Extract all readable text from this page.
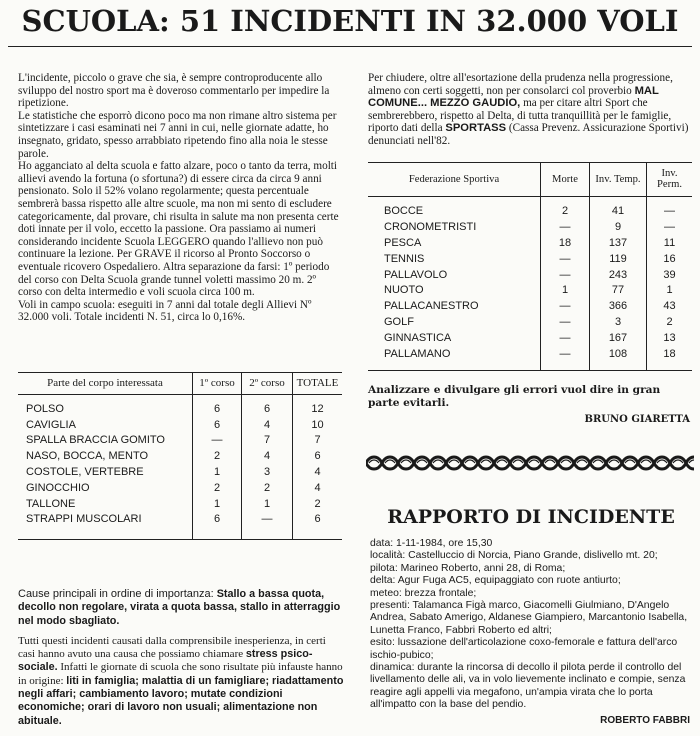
SCUOLA: 51 INCIDENTI IN 32.000 VOLI

L'incidente, piccolo o grave che sia, è sempre controproducente allo sviluppo del nostro sport ma è doveroso commentarlo per impedire la ripetizione.

Le statistiche che esporrò dicono poco ma non rimane altro sistema per sintetizzare i casi esaminati nei 7 anni in cui, nelle giornate adatte, ho insegnato, gridato, spesso arrabbiato ripetendo fino alla noia le stesse parole.

Ho agganciato al delta scuola e fatto alzare, poco o tanto da terra, molti allievi avendo la fortuna (o sfortuna?) di essere circa da circa 9 anni pensionato. Solo il 52% volano regolarmente; questa percentuale sembrerà bassa rispetto alle altre scuole, ma non mi sento di escludere categoricamente, dal provare, chi risulta in salute ma non presenta certe doti innate per il volo, eccetto la passione. Ora passiamo ai numeri considerando incidente Scuola LEGGERO quando l'allievo non può continuare la lezione. Per GRAVE il ricorso al Pronto Soccorso o eventuale ricovero Ospedaliero. Altra separazione da farsi: 1º periodo del corso con Delta Scuola grande tunnel voletti massimo 20 m. 2º corso con delta intermedio e voli scuola circa 100 m.

Voli in campo scuola: eseguiti in 7 anni dal totale degli Allievi Nº 32.000 voli. Totale incidenti N. 51, circa lo 0,16%.

Parte del corpo interessata	1º corso	2º corso	TOTALE
POLSO	6	6	12
CAVIGLIA	6	4	10
SPALLA BRACCIA GOMITO	—	7	7
NASO, BOCCA, MENTO	2	4	6
COSTOLE, VERTEBRE	1	3	4
GINOCCHIO	2	2	4
TALLONE	1	1	2
STRAPPI MUSCOLARI	6	—	6

Cause principali in ordine di importanza: Stallo a bassa quota, decollo non regolare, virata a quota bassa, stallo in atterraggio nel modo sbagliato.

Tutti questi incidenti causati dalla comprensibile inesperienza, in certi casi hanno avuto una causa che possiamo chiamare stress psico-sociale. Infatti le giornate di scuola che sono risultate più infauste hanno in origine: liti in famiglia; malattia di un famigliare; riadattamento negli affari; cambiamento lavoro; mutate condizioni economiche; orari di lavoro non usuali; alimentazione non abituale.

Per chiudere, oltre all'esortazione della prudenza nella progressione, almeno con certi soggetti, non per consolarci col proverbio MAL COMUNE... MEZZO GAUDIO, ma per citare altri Sport che sembrerebbero, rispetto al Delta, di tutta tranquillità per le famiglie, riporto dati della SPORTASS (Cassa Prevenz. Assicurazione Sportivi) denunciati nell'82.

Federazione Sportiva	Morte	Inv. Temp.	Inv. Perm.
BOCCE	2	41	—
CRONOMETRISTI	—	9	—
PESCA	18	137	11
TENNIS	—	119	16
PALLAVOLO	—	243	39
NUOTO	1	77	1
PALLACANESTRO	—	366	43
GOLF	—	3	2
GINNASTICA	—	167	13
PALLAMANO	—	108	18

Analizzare e divulgare gli errori vuol dire in gran parte evitarli.
BRUNO GIARETTA
RAPPORTO DI INCIDENTE

data: 1-11-1984, ore 15,30

località: Castelluccio di Norcia, Piano Grande, dislivello mt. 20;

pilota: Marineo Roberto, anni 28, di Roma;

delta: Agur Fuga AC5, equipaggiato con ruote antiurto;

meteo: brezza frontale;

presenti: Talamanca Figà marco, Giacomelli Giulmiano, D'Angelo Andrea, Sabato Amerigo, Aldanese Giampiero, Marcantonio Isabella, Lunetta Franco, Fabbri Roberto ed altri;

esito: lussazione dell'articolazione coxo-femorale e fattura dell'arco ischio-pubico;

dinamica: durante la rincorsa di decollo il pilota perde il controllo del livellamento delle ali, va in volo lievemente inclinato e compie, senza reagire agli appelli via megafono, un'ampia virata che lo porta all'impatto con la base del pendio.

ROBERTO FABBRI
